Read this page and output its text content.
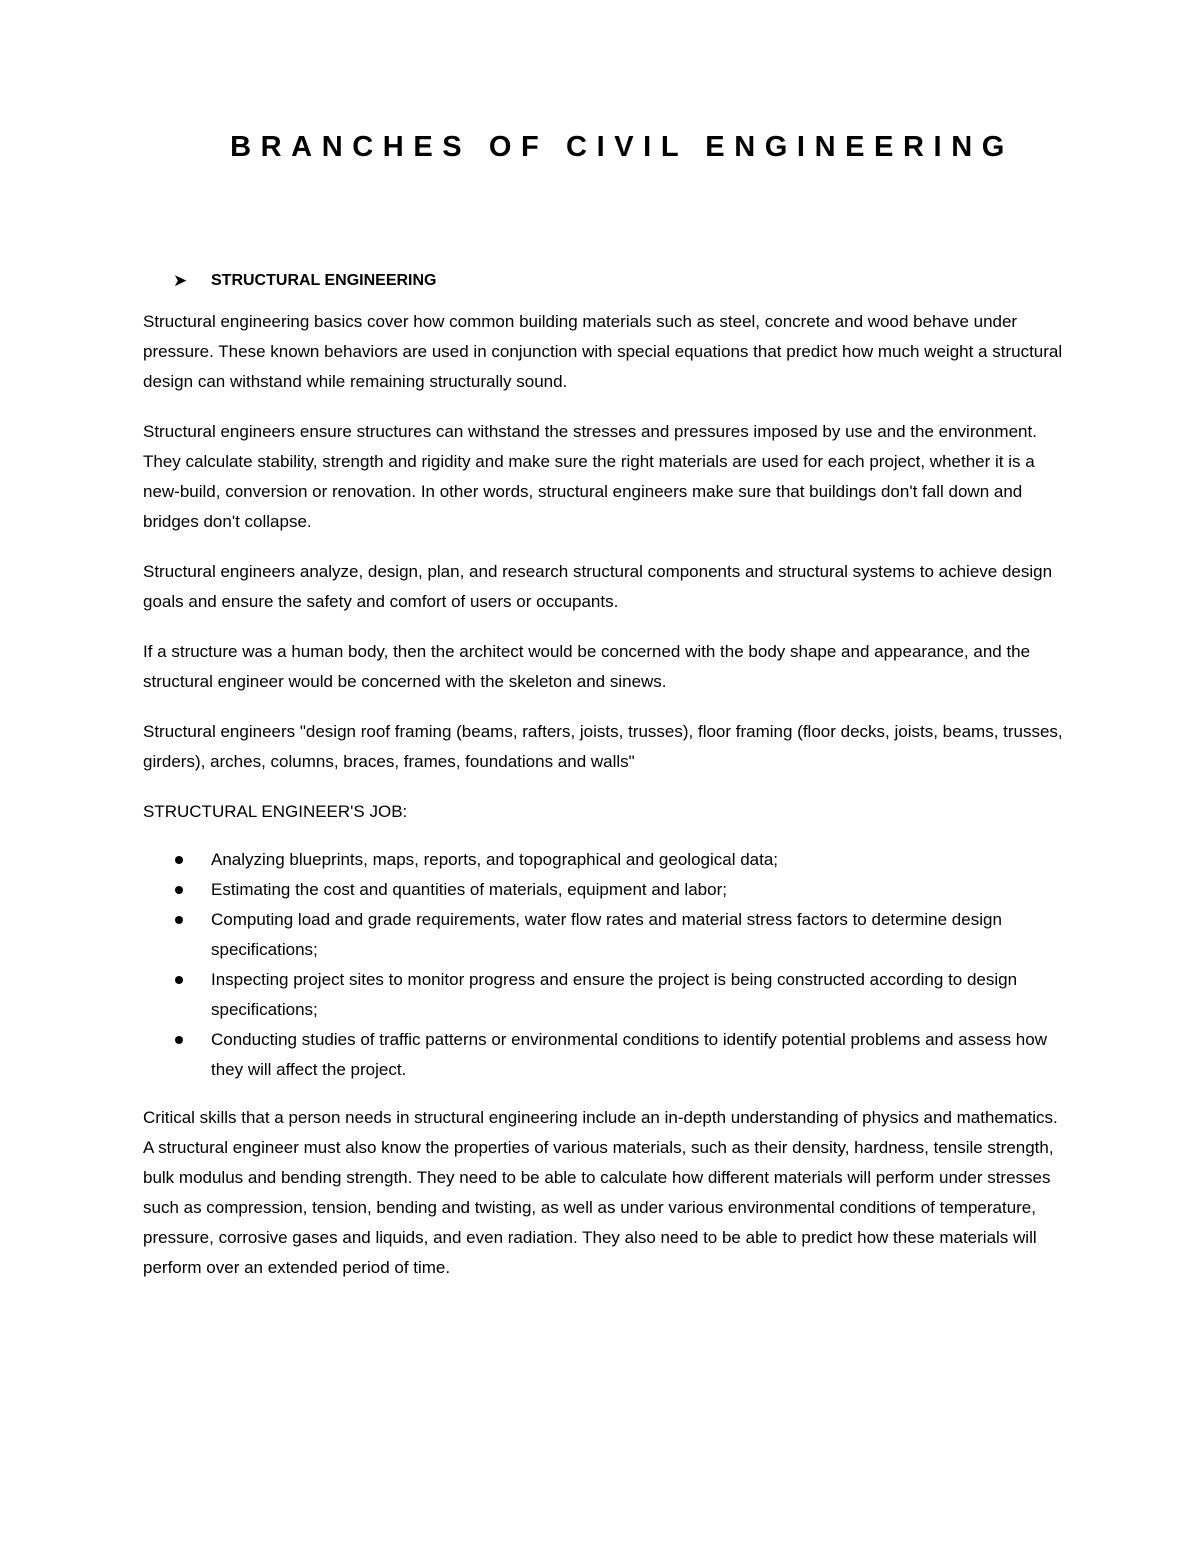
BRANCHES OF CIVIL ENGINEERING
➤ STRUCTURAL ENGINEERING

Structural engineering basics cover how common building materials such as steel, concrete and wood behave under pressure. These known behaviors are used in conjunction with special equations that predict how much weight a structural design can withstand while remaining structurally sound.

Structural engineers ensure structures can withstand the stresses and pressures imposed by use and the environment. They calculate stability, strength and rigidity and make sure the right materials are used for each project, whether it is a new-build, conversion or renovation. In other words, structural engineers make sure that buildings don't fall down and bridges don't collapse.

Structural engineers analyze, design, plan, and research structural components and structural systems to achieve design goals and ensure the safety and comfort of users or occupants.

If a structure was a human body, then the architect would be concerned with the body shape and appearance, and the structural engineer would be concerned with the skeleton and sinews.

Structural engineers "design roof framing (beams, rafters, joists, trusses), floor framing (floor decks, joists, beams, trusses, girders), arches, columns, braces, frames, foundations and walls"

STRUCTURAL ENGINEER'S JOB:

Analyzing blueprints, maps, reports, and topographical and geological data;
Estimating the cost and quantities of materials, equipment and labor;
Computing load and grade requirements, water flow rates and material stress factors to determine design specifications;
Inspecting project sites to monitor progress and ensure the project is being constructed according to design specifications;
Conducting studies of traffic patterns or environmental conditions to identify potential problems and assess how they will affect the project.

Critical skills that a person needs in structural engineering include an in-depth understanding of physics and mathematics. A structural engineer must also know the properties of various materials, such as their density, hardness, tensile strength, bulk modulus and bending strength. They need to be able to calculate how different materials will perform under stresses such as compression, tension, bending and twisting, as well as under various environmental conditions of temperature, pressure, corrosive gases and liquids, and even radiation. They also need to be able to predict how these materials will perform over an extended period of time.
